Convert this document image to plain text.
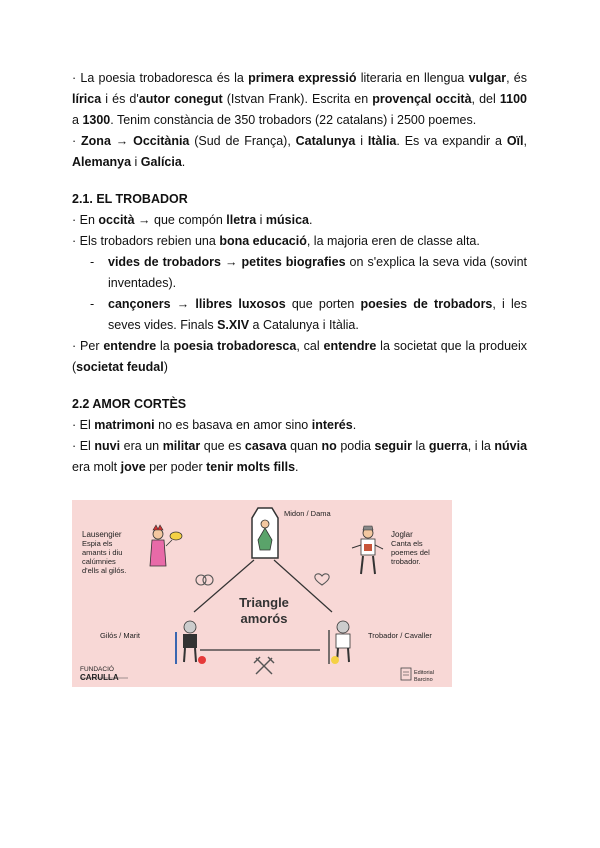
· La poesia trobadoresca és la primera expressió literaria en llengua vulgar, és lírica i és d'autor conegut (Istvan Frank). Escrita en provençal occità, del 1100 a 1300. Tenim constància de 350 trobadors (22 catalans) i 2500 poemes.

· Zona → Occitània (Sud de França), Catalunya i Itàlia. Es va expandir a Oïl, Alemanya i Galícia.

2.1. EL TROBADOR

· En occità → que compón lletra i música.

· Els trobadors rebien una bona educació, la majoria eren de classe alta.

- vides de trobadors → petites biografies on s'explica la seva vida (sovint inventades).
- cançoners → llibres luxosos que porten poesies de trobadors, i les seves vides. Finals S.XIV a Catalunya i Itàlia.

· Per entendre la poesia trobadoresca, cal entendre la societat que la produeix (societat feudal)

2.2 AMOR CORTÈS

· El matrimoni no es basava en amor sino interés.

· El nuvi era un militar que es casava quan no podia seguir la guerra, i la núvia era molt jove per poder tenir molts fills.

Triangle
amorós
Midon / Dama
Lausengier
Espia els
amants i diu
calúmnies
d'ells al gilós.
Joglar
Canta els
poemes del
trobador.
Gilós / Marit	Trobador / Cavaller
FUNDACIÓ
CARULLA	Editorial
Barcino
